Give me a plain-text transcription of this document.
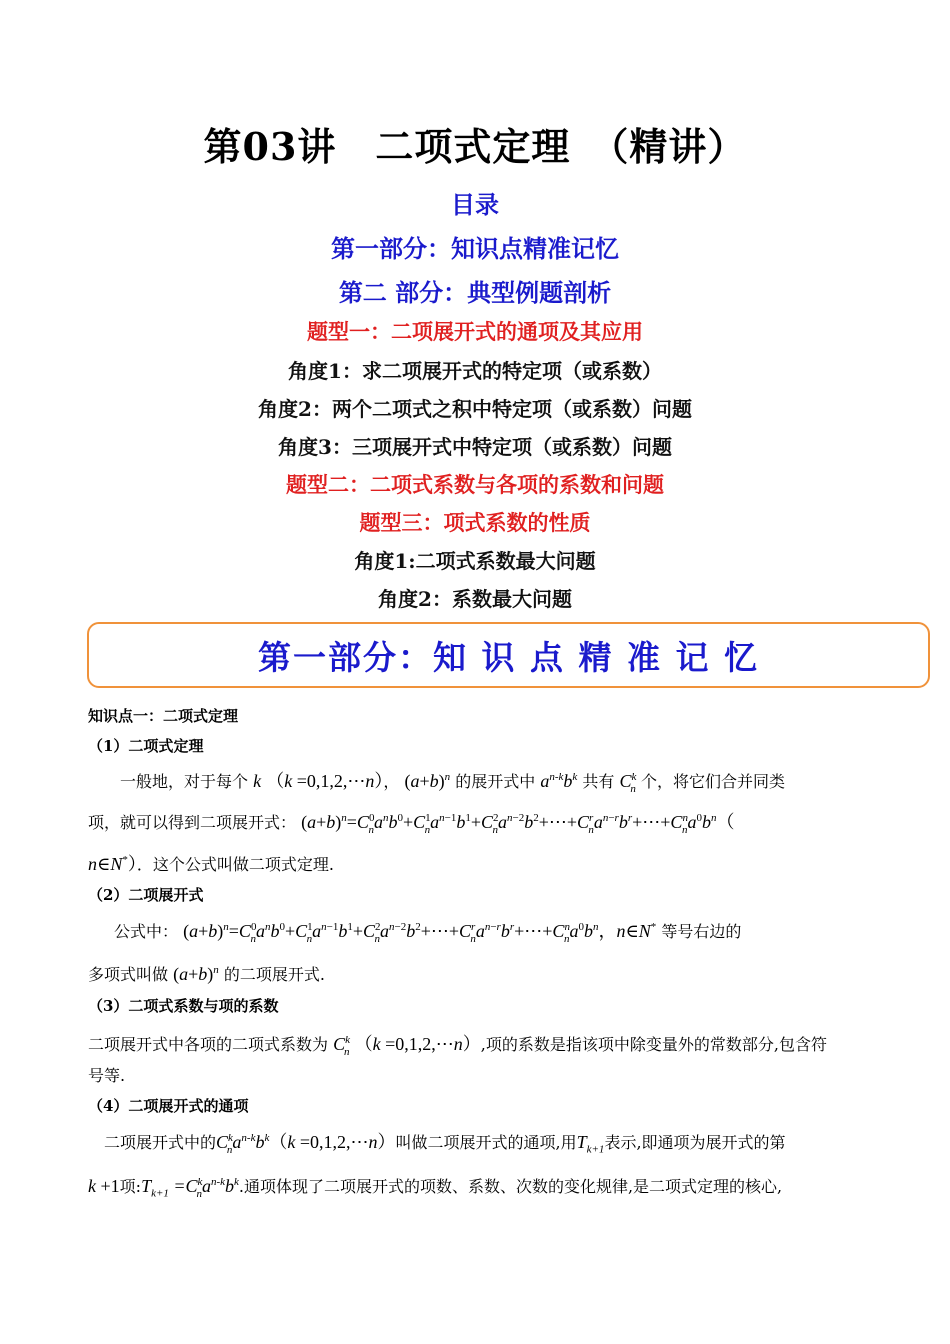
第03讲　二项式定理　（精讲）
目录
第一部分：知识点精准记忆
第二 部分：典型例题剖析
题型一：二项展开式的通项及其应用
角度1：求二项展开式的特定项（或系数）
角度2：两个二项式之积中特定项（或系数）问题
角度3：三项展开式中特定项（或系数）问题
题型二：二项式系数与各项的系数和问题
题型三：项式系数的性质
角度1:二项式系数最大问题
角度2：系数最大问题
第一部分：知 识 点 精 准 记 忆
知识点一：二项式定理
（1）二项式定理
一般地，对于每个 k （k =0,1,2,⋯n）， $(a+b)^n$ 的展开式中 $a^{n-k}b^k$ 共有 $C^k_n$ 个，将它们合并同类
项，就可以得到二项展开式： $(a+b)^n=C^0_na^nb^0+C^1_na^{n-1}b^1+C^2_na^{n-2}b^2+\cdots+C^r_na^{n-r}b^r+\cdots+C^n_na^0b^n$（
n∈N*）．这个公式叫做二项式定理.
（2）二项展开式
公式中： $(a+b)^n=C^0_na^nb^0+C^1_na^{n-1}b^1+C^2_na^{n-2}b^2+\cdots+C^r_na^{n-r}b^r+\cdots+C^n_na^0b^n$，n∈N* 等号右边的
多项式叫做 $(a+b)^n$ 的二项展开式.
（3）二项式系数与项的系数
二项展开式中各项的二项式系数为 $C^k_n$ （k =0,1,2,⋯n）,项的系数是指该项中除变量外的常数部分,包含符
号等.
（4）二项展开式的通项
二项展开式中的$C^k_na^{n-k}b^k(k$ =0,1,2,⋯n）叫做二项展开式的通项,用$T_{k+1}$表示,即通项为展开式的第
k +1项$:T_{k+1} =C^k_na^{n-k}b^k$.通项体现了二项展开式的项数、系数、次数的变化规律,是二项式定理的核心,
